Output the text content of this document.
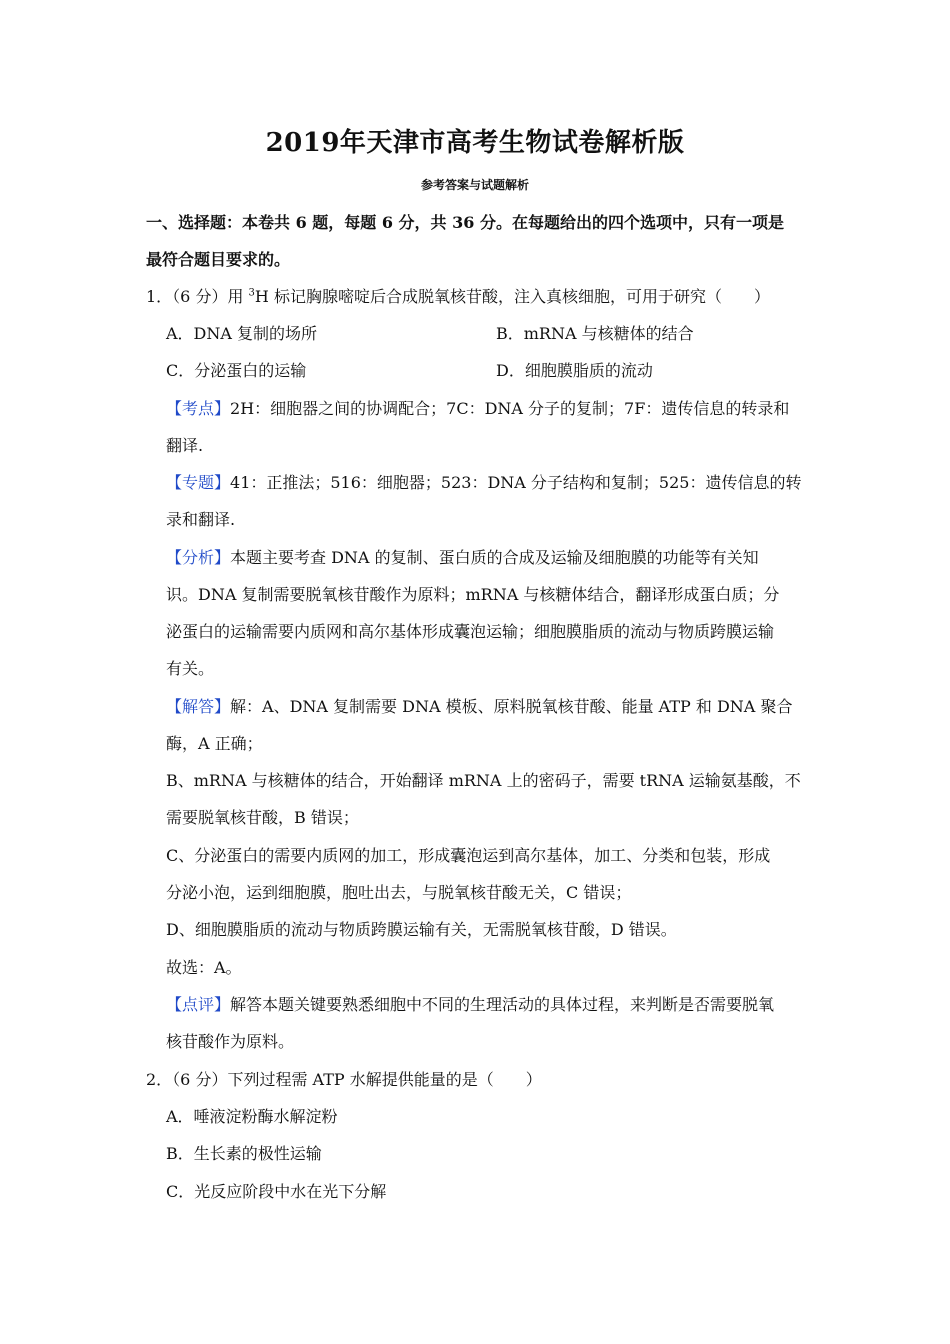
2019年天津市高考生物试卷解析版
参考答案与试题解析
一、选择题：本卷共 6 题，每题 6 分，共 36 分。在每题给出的四个选项中，只有一项是
最符合题目要求的。
1．（6 分）用 $^3$H 标记胸腺嘧啶后合成脱氧核苷酸，注入真核细胞，可用于研究（　　）
A．DNA 复制的场所	B．mRNA 与核糖体的结合
C．分泌蛋白的运输	D．细胞膜脂质的流动
【考点】2H：细胞器之间的协调配合；7C：DNA 分子的复制；7F：遗传信息的转录和
翻译.
【专题】41：正推法；516：细胞器；523：DNA 分子结构和复制；525：遗传信息的转
录和翻译.
【分析】本题主要考查 DNA 的复制、蛋白质的合成及运输及细胞膜的功能等有关知
识。DNA 复制需要脱氧核苷酸作为原料；mRNA 与核糖体结合，翻译形成蛋白质；分
泌蛋白的运输需要内质网和高尔基体形成囊泡运输；细胞膜脂质的流动与物质跨膜运输
有关。
【解答】解：A、DNA 复制需要 DNA 模板、原料脱氧核苷酸、能量 ATP 和 DNA 聚合
酶，A 正确；
B、mRNA 与核糖体的结合，开始翻译 mRNA 上的密码子，需要 tRNA 运输氨基酸，不
需要脱氧核苷酸，B 错误；
C、分泌蛋白的需要内质网的加工，形成囊泡运到高尔基体，加工、分类和包装，形成
分泌小泡，运到细胞膜，胞吐出去，与脱氧核苷酸无关，C 错误；
D、细胞膜脂质的流动与物质跨膜运输有关，无需脱氧核苷酸，D 错误。
故选：A。
【点评】解答本题关键要熟悉细胞中不同的生理活动的具体过程，来判断是否需要脱氧
核苷酸作为原料。
2．（6 分）下列过程需 ATP 水解提供能量的是（　　）
A．唾液淀粉酶水解淀粉
B．生长素的极性运输
C．光反应阶段中水在光下分解
